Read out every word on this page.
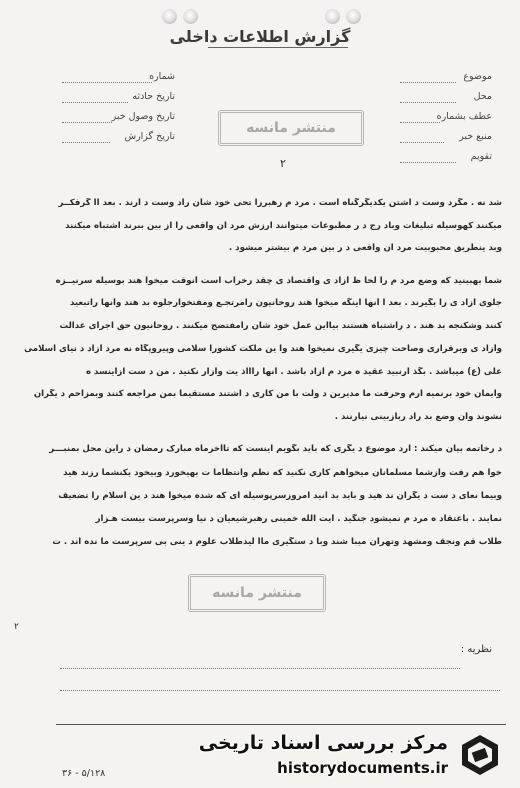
گزارش اطلاعات داخلی
موضوع
محل
عطف بشماره
منبع خبر
تقویم
شماره
تاریخ حادثه
تاریخ وصول خبر
تاریخ گزارش
منتشر مانسه
۲
شد نه . مگرد وست د اشتن یکدیگرگناه است . مرد م رهبررا تحی خود شان راد وست د ارند . بعد اًا گرفکــر
میکنند کهوسیله تبلیغات وباد رج د ر مطبوعات میتوانند ارزش مرد ان واقعی را از بین ببرند اشتباه میکنند
وبد ینطریق محبوبیت مرد ان واقعی د ر بین مرد م بیشتر میشود .
شما بهبینید که وضع مرد م را لحا ظ آزاد ی واقتصاد ی چقد رخراب است آنوقت میخوا هند بوسیله سرنیــزه
جلوی آزاد ی را بگیرند . بعد اً آنها اینگه میخوا هند روحانیون رامرتجـع ومفتخوارجلوه بد هند وآنها راتبعید
کنند وشکنجه بد هند . د راشتباه هستند بیااین عمل خود شان رامفتضح میکنند . روحانیون حق اجرای عدالت
وآزاد ی وبرقراری وصاحت چیزی یگیری نمیخوا هند وا ین ملکت کشورا سلامی وپیروپگاه نه مرد آزاد د نیای اسلامی
علی (ع) میباشد . بگذ ارنبید عقید ه مرد م آزاد باشد . آنها راااذ یت وآزار نکنید . من د ست ازاینسد ه
وایمان خود برنمیه ارم وحرفت ما مدیرین د ولت با من کاری د اشتند مستقیما بمن مراجعه کنند وبمزاحم د یگران
نشوند وآن وضع بد راد ربازبینی نیارنند .
د رخاتمه بیان میکند : ارد موضوع د یگری که باید بگویم اینست که تاآخرماه مبارک رمضان د راین محل بمنبـــر
خوا هم رفت وازشما مسلمانان میخواهم کاری نکنید که نظم وانتظاما ت بهیخورد وبیخود یکنشما رزند هید
وبیما نعای د ست د یگران ند هید و باید بد انید امروزسرپوسیله ای که شده میخوا هند د ین اسلام را تضعیف
نمایند . باعتقاد ه مرد م نمیشود جنگید . آیت الله خمینی رهبرشیعیان د نیا وسرپرست بیست هـزار
طلاب قم ونجف ومشهد وتهران میبا شند وبا د ستگیری ماآ لیدطلاب علوم د ینی بی سرپرست ما نده اند . ت
منتشر مانسه
۲
نظریه :
۳۶ - ۵/۱۲۸
مرکز بررسی اسناد تاریخی
historydocuments.ir
